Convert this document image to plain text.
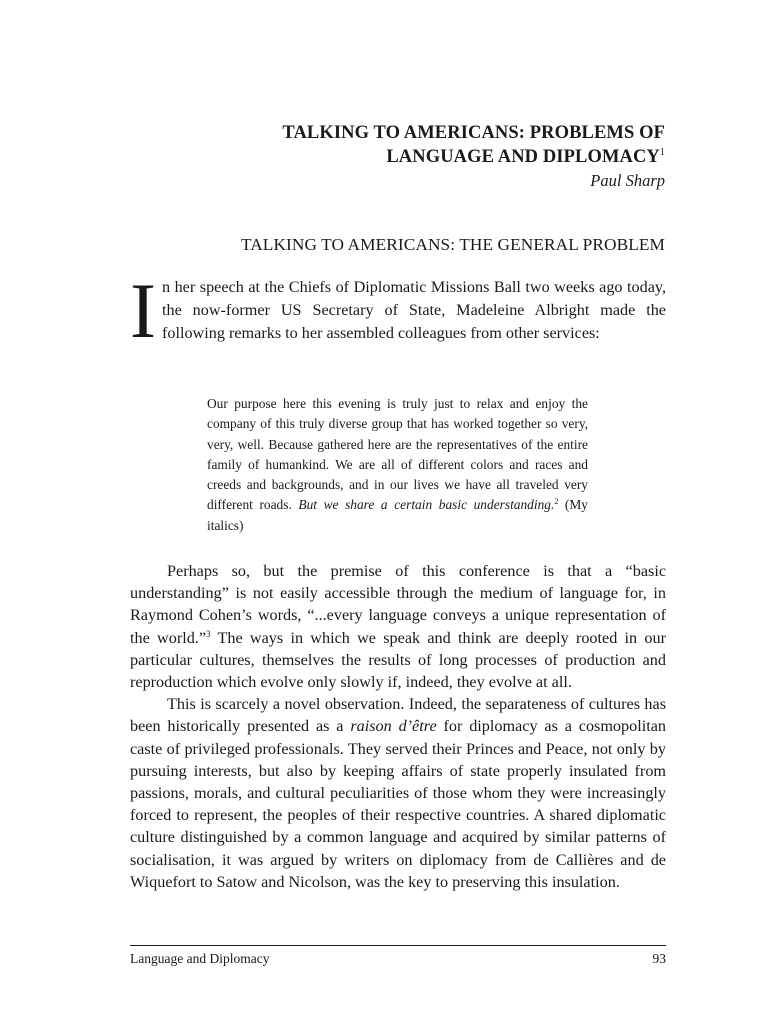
TALKING TO AMERICANS: PROBLEMS OF
LANGUAGE AND DIPLOMACY$^1$
Paul Sharp
TALKING TO AMERICANS: THE GENERAL PROBLEM
In her speech at the Chiefs of Diplomatic Missions Ball two weeks ago today, the now-former US Secretary of State, Madeleine Albright made the following remarks to her assembled colleagues from other services:
Our purpose here this evening is truly just to relax and enjoy the company of this truly diverse group that has worked together so very, very, well. Because gathered here are the representatives of the entire family of humankind. We are all of different colors and races and creeds and backgrounds, and in our lives we have all traveled very different roads. But we share a certain basic understanding.$^2$ (My italics)

Perhaps so, but the premise of this conference is that a “basic understanding” is not easily accessible through the medium of language for, in Raymond Cohen’s words, “...every language conveys a unique representation of the world.”$^3$ The ways in which we speak and think are deeply rooted in our particular cultures, themselves the results of long processes of production and reproduction which evolve only slowly if, indeed, they evolve at all.

This is scarcely a novel observation. Indeed, the separateness of cultures has been historically presented as a raison d’être for diplomacy as a cosmopolitan caste of privileged professionals. They served their Princes and Peace, not only by pursuing interests, but also by keeping affairs of state properly insulated from passions, morals, and cultural peculiarities of those whom they were increasingly forced to represent, the peoples of their respective countries. A shared diplomatic culture distinguished by a common language and acquired by similar patterns of socialisation, it was argued by writers on diplomacy from de Callières and de Wiquefort to Satow and Nicolson, was the key to preserving this insulation.

Language and Diplomacy	93
